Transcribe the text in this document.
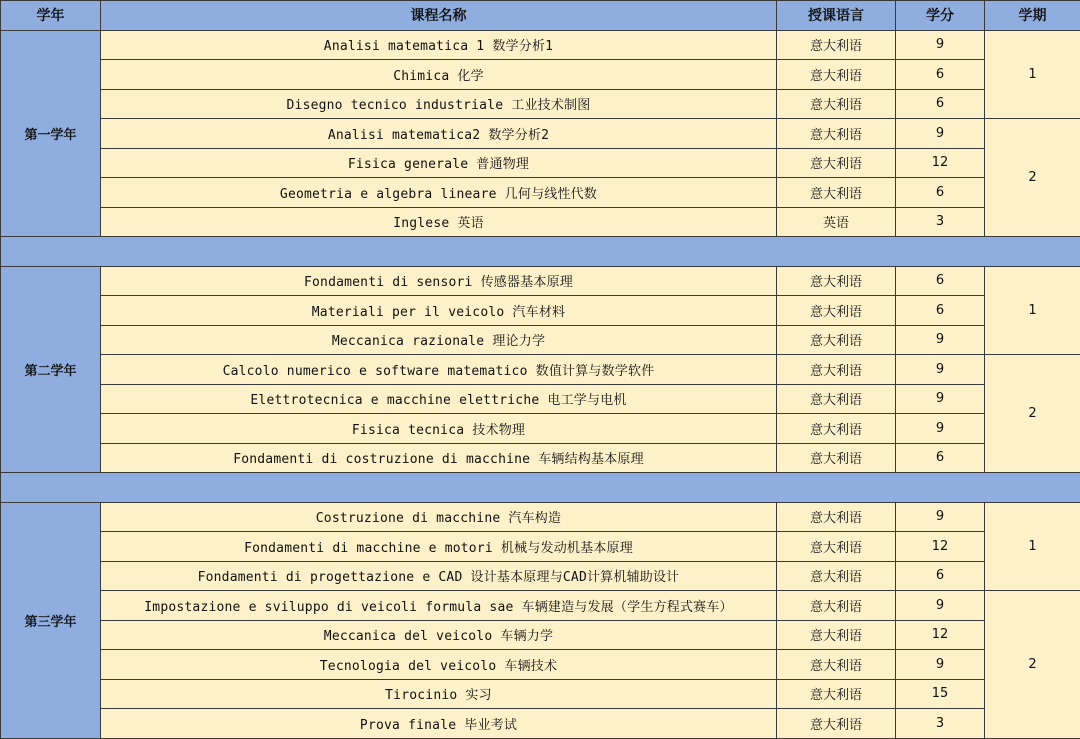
学年	课程名称	授课语言	学分	学期
第一学年	Analisi matematica 1 数学分析1	意大利语	9	1
	Chimica 化学	意大利语	6	
	Disegno tecnico industriale 工业技术制图	意大利语	6	
	Analisi matematica2 数学分析2	意大利语	9	2
	Fisica generale 普通物理	意大利语	12	
	Geometria e algebra lineare 几何与线性代数	意大利语	6	
	Inglese 英语	英语	3	

第二学年	Fondamenti di sensori 传感器基本原理	意大利语	6	1
	Materiali per il veicolo 汽车材料	意大利语	6	
	Meccanica razionale 理论力学	意大利语	9	
	Calcolo numerico e software matematico 数值计算与数学软件	意大利语	9	2
	Elettrotecnica e macchine elettriche 电工学与电机	意大利语	9	
	Fisica tecnica 技术物理	意大利语	9	
	Fondamenti di costruzione di macchine 车辆结构基本原理	意大利语	6	

第三学年	Costruzione di macchine 汽车构造	意大利语	9	1
	Fondamenti di macchine e motori 机械与发动机基本原理	意大利语	12	
	Fondamenti di progettazione e CAD 设计基本原理与CAD计算机辅助设计	意大利语	6	
	Impostazione e sviluppo di veicoli formula sae 车辆建造与发展（学生方程式赛车）	意大利语	9	2
	Meccanica del veicolo 车辆力学	意大利语	12	
	Tecnologia del veicolo 车辆技术	意大利语	9	
	Tirocinio 实习	意大利语	15	
	Prova finale 毕业考试	意大利语	3	
